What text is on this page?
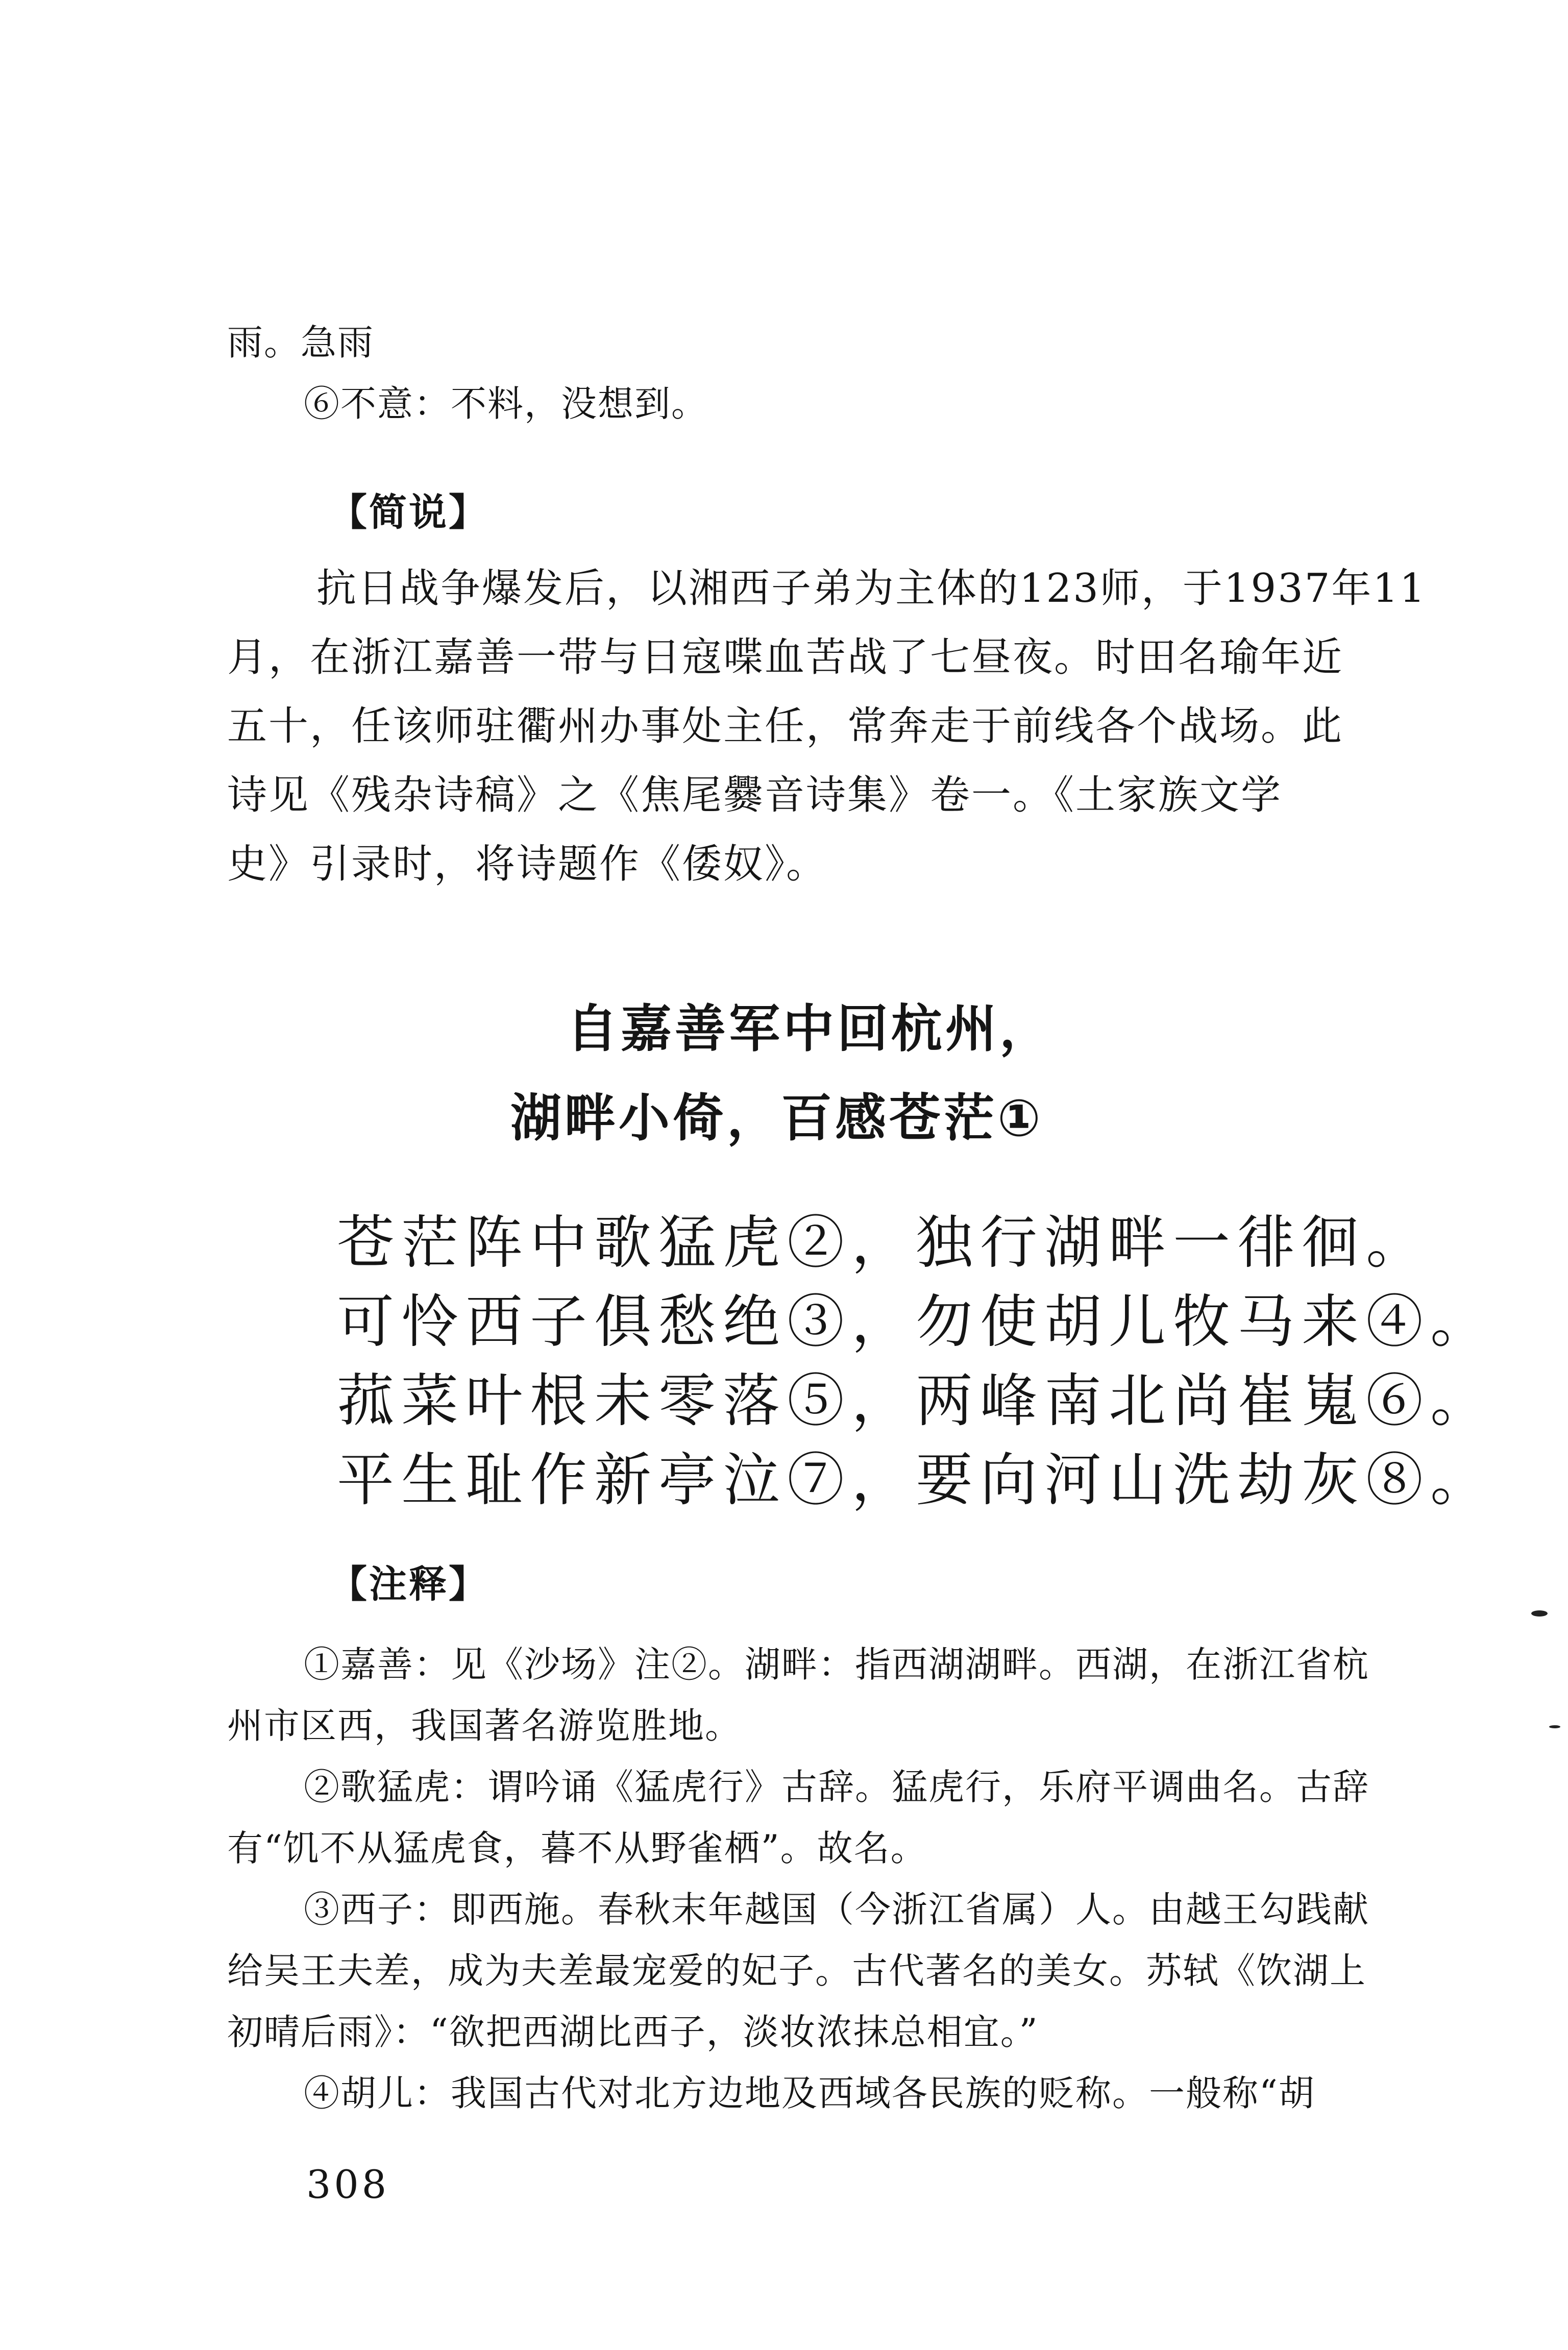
雨。急雨
⑥不意：不料，没想到。
【简说】
抗日战争爆发后，以湘西子弟为主体的123师，于1937年11
月，在浙江嘉善一带与日寇喋血苦战了七昼夜。时田名瑜年近
五十，任该师驻衢州办事处主任，常奔走于前线各个战场。此
诗见《残杂诗稿》之《焦尾爨音诗集》卷一。《土家族文学
史》引录时，将诗题作《倭奴》。
自嘉善军中回杭州，
湖畔小倚，百感苍茫①
苍茫阵中歌猛虎②，独行湖畔一徘徊。
可怜西子俱愁绝③，勿使胡儿牧马来④。
菰菜叶根未零落⑤，两峰南北尚崔嵬⑥。
平生耻作新亭泣⑦，要向河山洗劫灰⑧。
【注释】
①嘉善：见《沙场》注②。湖畔：指西湖湖畔。西湖，在浙江省杭
州市区西，我国著名游览胜地。
②歌猛虎：谓吟诵《猛虎行》古辞。猛虎行，乐府平调曲名。古辞
有“饥不从猛虎食，暮不从野雀栖”。故名。
③西子：即西施。春秋末年越国（今浙江省属）人。由越王勾践献
给吴王夫差，成为夫差最宠爱的妃子。古代著名的美女。苏轼《饮湖上
初晴后雨》：“欲把西湖比西子，淡妆浓抹总相宜。”
④胡儿：我国古代对北方边地及西域各民族的贬称。一般称“胡
308
